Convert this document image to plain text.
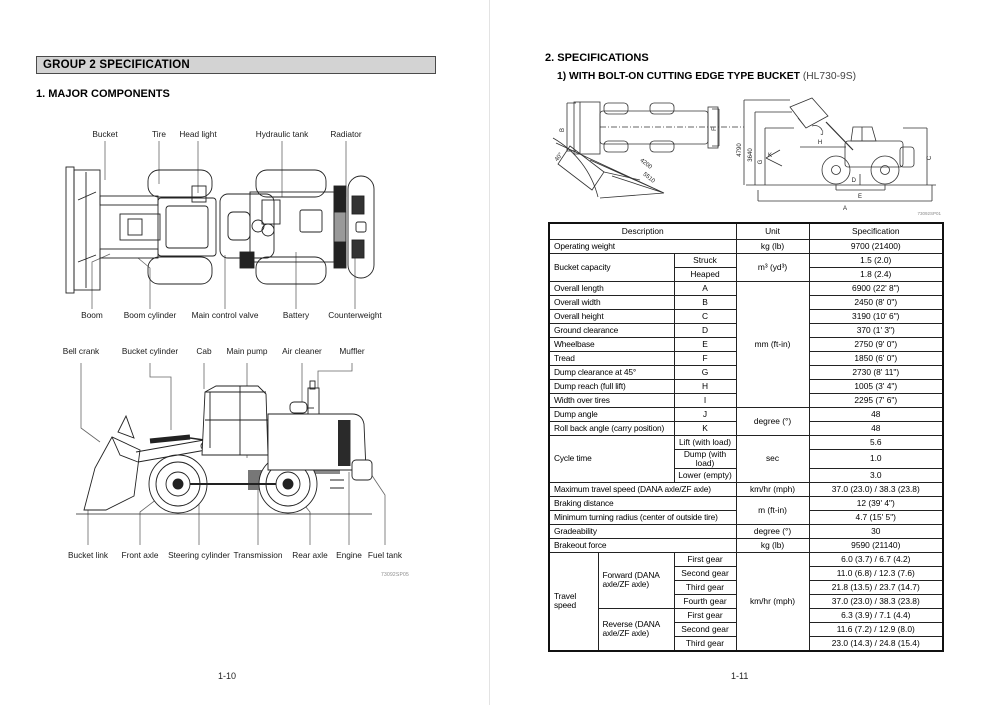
GROUP 2 SPECIFICATION
1. MAJOR COMPONENTS
Bucket	Tire Head light	Hydraulic tank	Radiator
Boom	Boom cylinder Main control valve	Battery Counterweight
Bell crank	Bucket cylinder Cab Main pump Air cleaner Muffler
Bucket link Front axle Steering cylinder Transmission Rear axle Engine Fuel tank
73092SP05
1-10
2. SPECIFICATIONS
1) WITH BOLT-ON CUTTING EDGE TYPE BUCKET (HL730-9S)
B	F
40°
4200
5510
4790 3640
G
H
J
K	C
D
E
A
73092SP01
Description			Unit	Specification
Operating weight			kg (lb)	9700 (21400)
Bucket capacity		Struck	m³ (yd³)	1.5 (2.0)
		Heaped		1.8 (2.4)
Overall length		A	mm (ft-in)	6900 (22' 8")
Overall width		B		2450 (8' 0")
Overall height		C		3190 (10' 6")
Ground clearance		D		370 (1' 3")
Wheelbase		E		2750 (9' 0")
Tread		F		1850 (6' 0")
Dump clearance at 45°		G		2730 (8' 11")
Dump reach (full lift)		H		1005 (3' 4")
Width over tires		I		2295 (7' 6")
Dump angle		J	degree (°)	48
Roll back angle (carry position)		K		48
Cycle time		Lift (with load)	sec	5.6
		Dump (with load)		1.0
		Lower (empty)		3.0
Maximum travel speed (DANA axle/ZF axle)			km/hr (mph)	37.0 (23.0) / 38.3 (23.8)
Braking distance			m (ft-in)	12 (39' 4")
Minimum turning radius (center of outside tire)				4.7 (15' 5")
Gradeability			degree (°)	30
Brakeout force			kg (lb)	9590 (21140)
Travel speed	Forward (DANA axle/ZF axle)	First gear	km/hr (mph)	6.0 (3.7) / 6.7 (4.2)
		Second gear		11.0 (6.8) / 12.3 (7.6)
		Third gear		21.8 (13.5) / 23.7 (14.7)
		Fourth gear		37.0 (23.0) / 38.3 (23.8)
	Reverse (DANA axle/ZF axle)	First gear		6.3 (3.9) / 7.1 (4.4)
		Second gear		11.6 (7.2) / 12.9 (8.0)
		Third gear		23.0 (14.3) / 24.8 (15.4)
1-11
